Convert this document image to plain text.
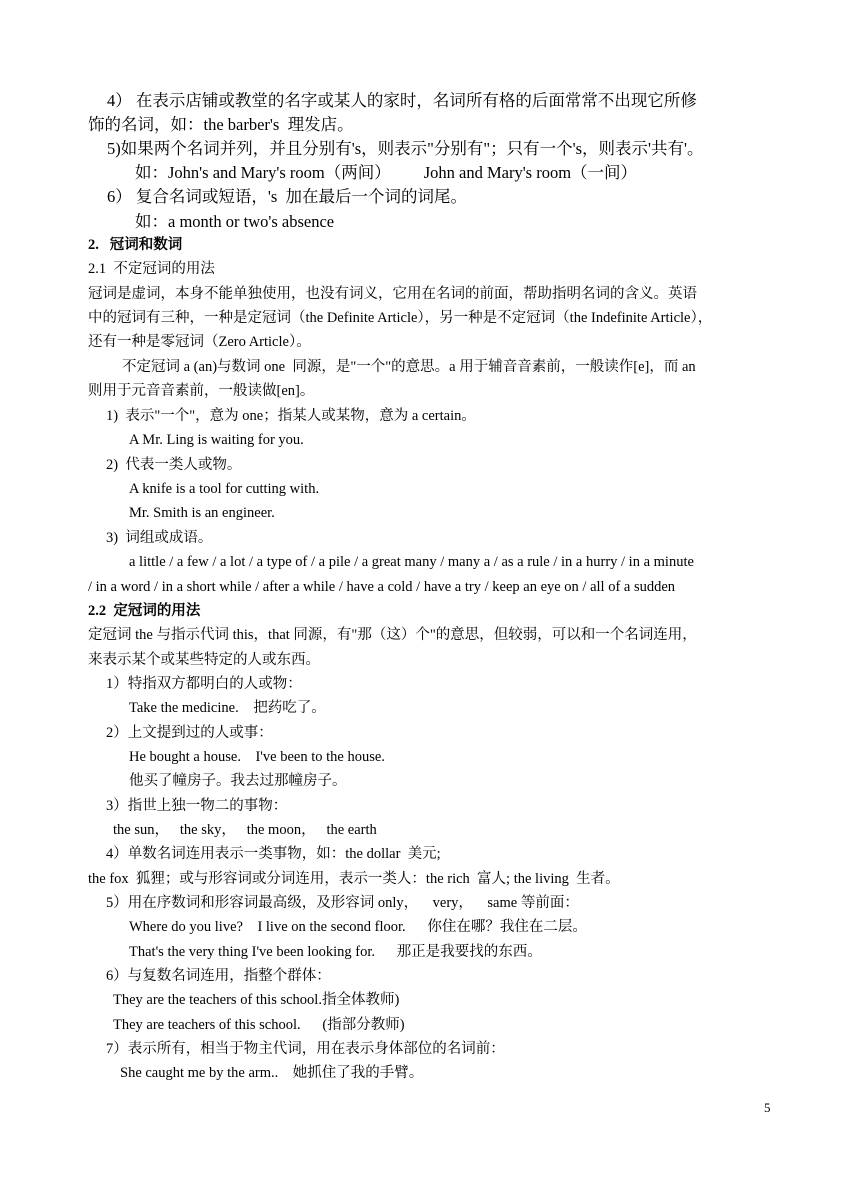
4） 在表示店铺或教堂的名字或某人的家时，名词所有格的后面常常不出现它所修
饰的名词，如：the barber's  理发店。
5)如果两个名词并列，并且分别有's，则表示"分别有"；只有一个's，则表示'共有'。
如：John's and Mary's room（两间）        John and Mary's room（一间）
6） 复合名词或短语，'s  加在最后一个词的词尾。
如：a month or two's absence
2.   冠词和数词
2.1  不定冠词的用法
冠词是虚词，本身不能单独使用，也没有词义，它用在名词的前面，帮助指明名词的含义。英语
中的冠词有三种，一种是定冠词（the Definite Article），另一种是不定冠词（the Indefinite Article），
还有一种是零冠词（Zero Article）。
不定冠词 a (an)与数词 one  同源，是"一个"的意思。a 用于辅音音素前，一般读作[e]，而 an
则用于元音音素前，一般读做[en]。
1)  表示"一个"，意为 one；指某人或某物，意为 a certain。
A Mr. Ling is waiting for you.
2)  代表一类人或物。
A knife is a tool for cutting with.
Mr. Smith is an engineer.
3)  词组或成语。
a little / a few / a lot / a type of / a pile / a great many / many a / as a rule / in a hurry / in a minute
/ in a word / in a short while / after a while / have a cold / have a try / keep an eye on / all of a sudden
2.2  定冠词的用法
定冠词 the 与指示代词 this，that 同源，有"那（这）个"的意思，但较弱，可以和一个名词连用，
来表示某个或某些特定的人或东西。
1）特指双方都明白的人或物：
Take the medicine.    把药吃了。
2）上文提到过的人或事：
He bought a house.    I've been to the house.
他买了幢房子。我去过那幢房子。
3）指世上独一物二的事物：
the sun，   the sky，   the moon，   the earth
4）单数名词连用表示一类事物，如：the dollar  美元;
the fox  狐狸；或与形容词或分词连用，表示一类人：the rich  富人; the living  生者。
5）用在序数词和形容词最高级，及形容词 only，    very，    same 等前面：
Where do you live?    I live on the second floor.      你住在哪？我住在二层。
That's the very thing I've been looking for.      那正是我要找的东西。
6）与复数名词连用，指整个群体：
They are the teachers of this school.指全体教师)
They are teachers of this school.      (指部分教师)
7）表示所有，相当于物主代词，用在表示身体部位的名词前：
She caught me by the arm..    她抓住了我的手臂。
5
